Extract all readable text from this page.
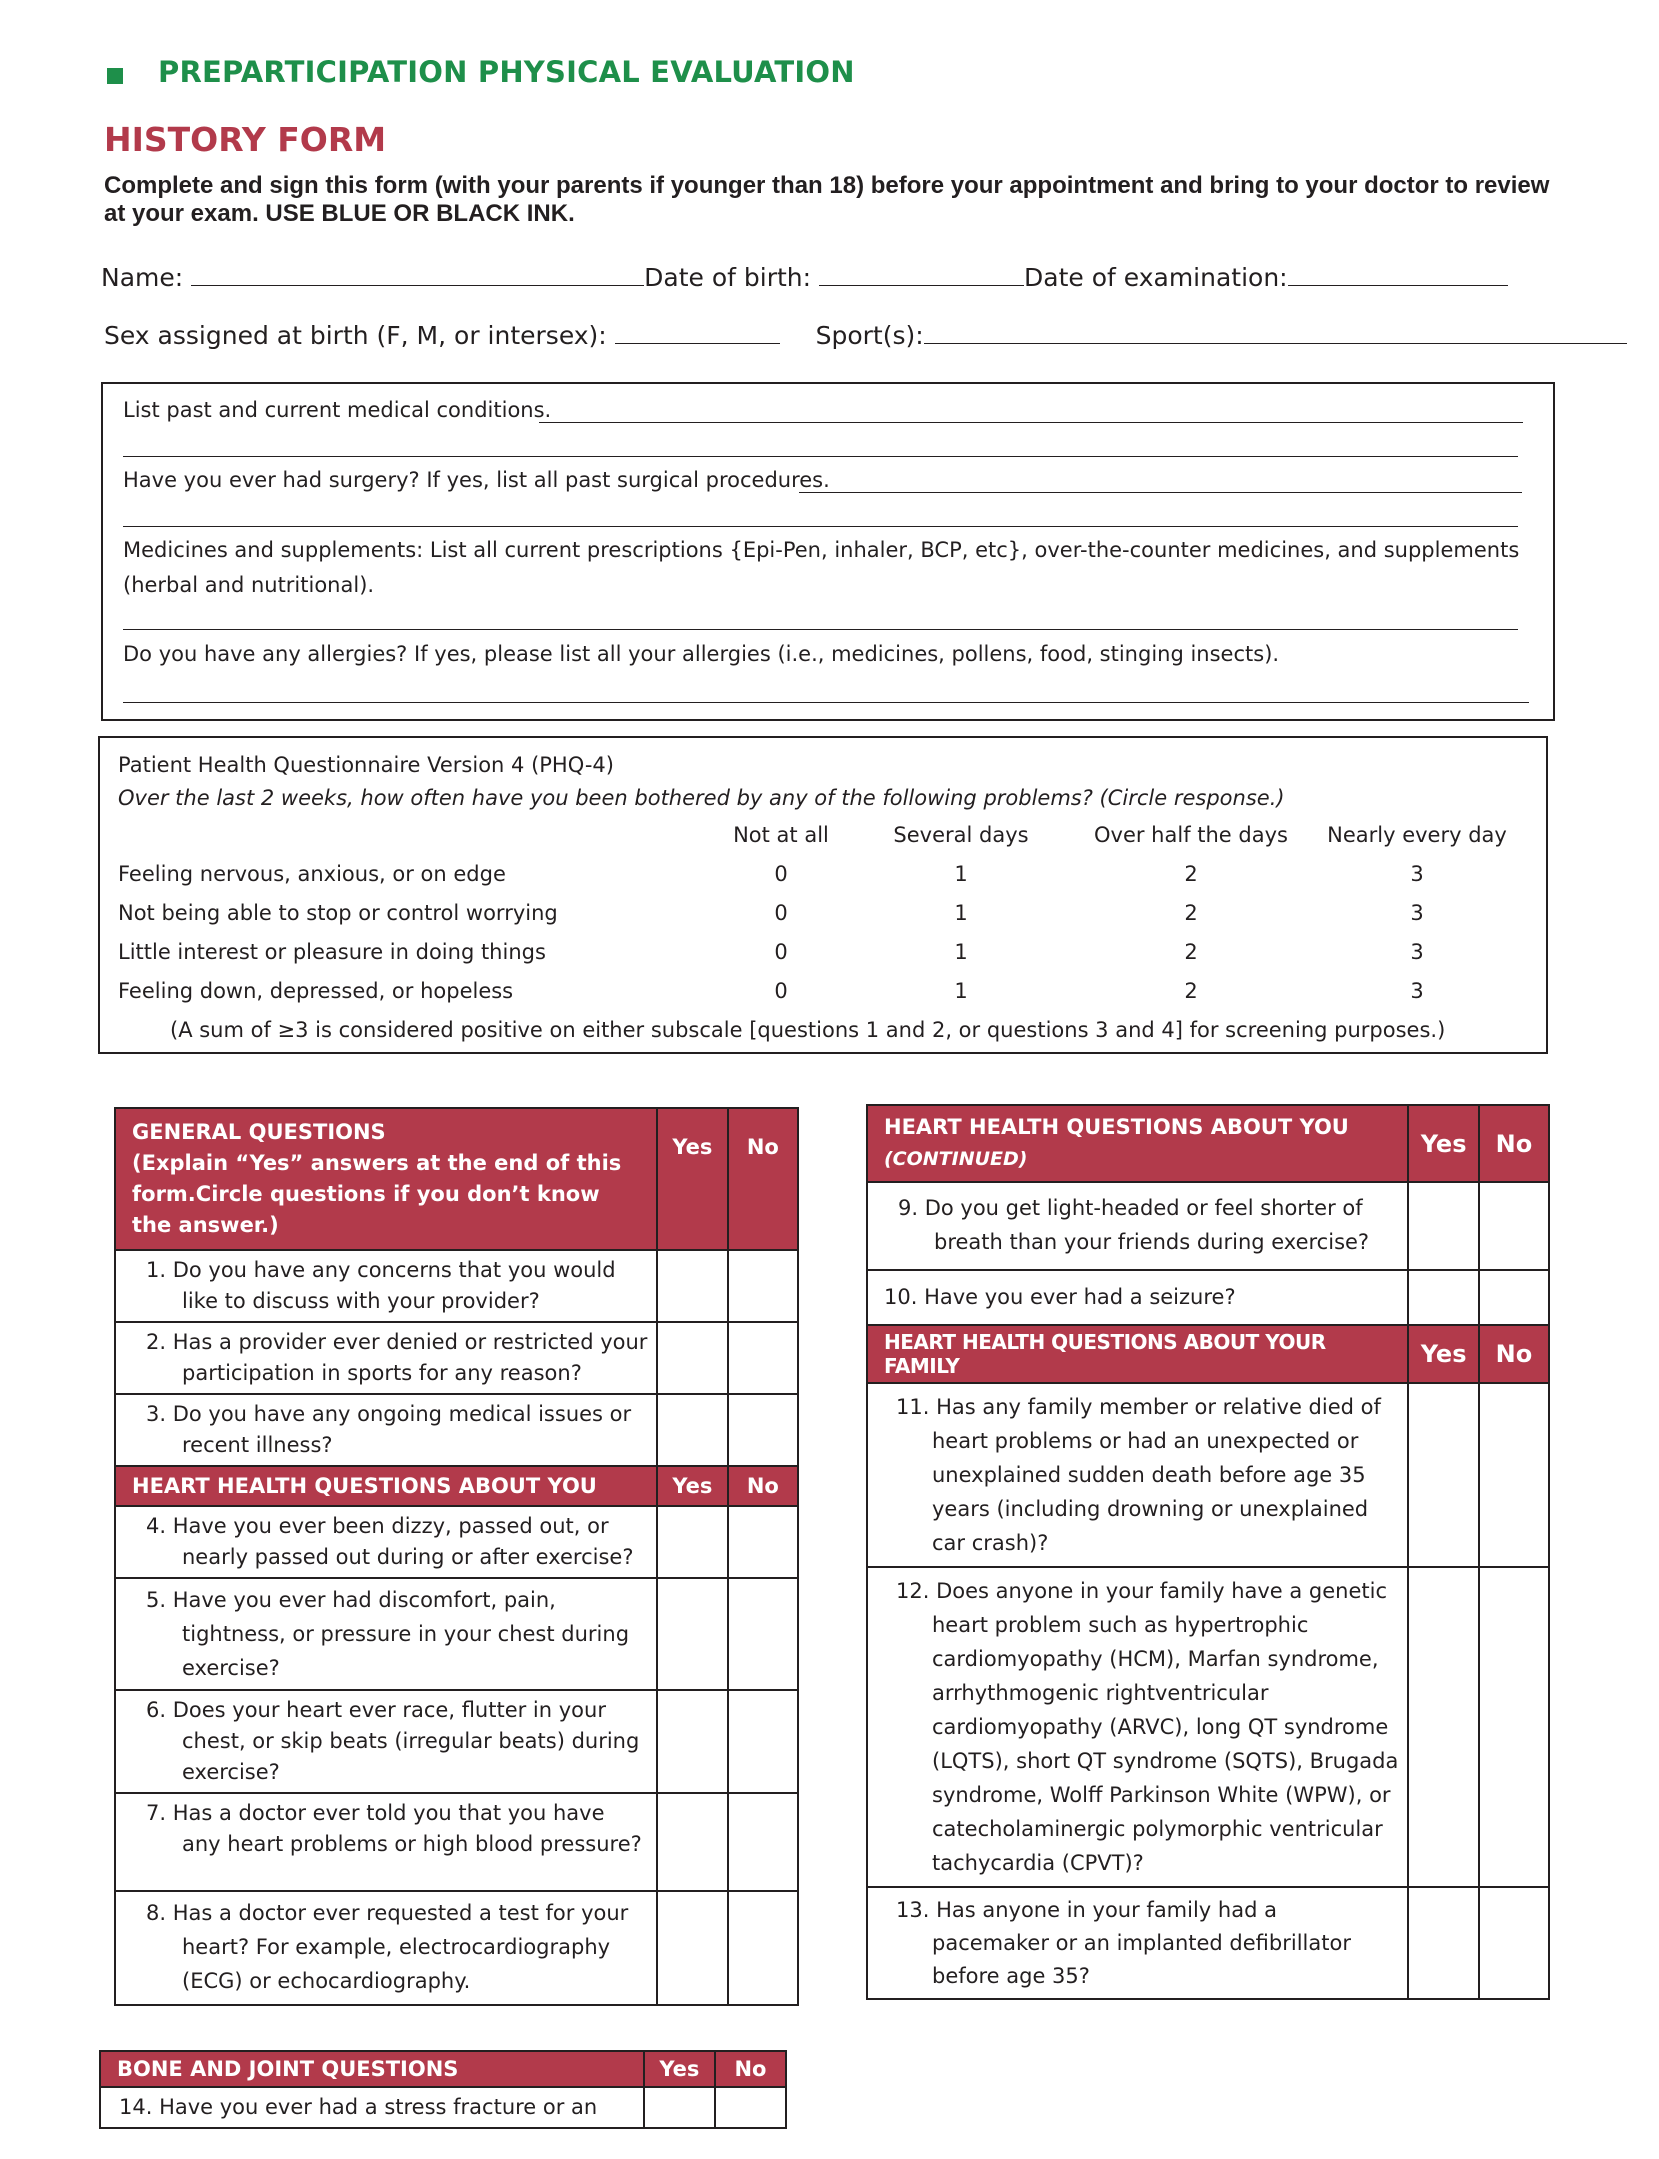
PREPARTICIPATION PHYSICAL EVALUATION
HISTORY FORM
Complete and sign this form (with your parents if younger than 18) before your appointment and bring to your doctor to review at your exam. USE BLUE OR BLACK INK.
Name:	Date of birth:	Date of examination:
Sex assigned at birth (F, M, or intersex):	Sport(s):
List past and current medical conditions.
Have you ever had surgery? If yes, list all past surgical procedures.
Medicines and supplements: List all current prescriptions {Epi-Pen, inhaler, BCP, etc}, over-the-counter medicines, and supplements
(herbal and nutritional).
Do you have any allergies? If yes, please list all your allergies (i.e., medicines, pollens, food, stinging insects).
Patient Health Questionnaire Version 4 (PHQ-4)
Over the last 2 weeks, how often have you been bothered by any of the following problems? (Circle response.)
Not at all	Several days	Over half the days	Nearly every day
Feeling nervous, anxious, or on edge	0	1	2	3
Not being able to stop or control worrying	0	1	2	3
Little interest or pleasure in doing things	0	1	2	3
Feeling down, depressed, or hopeless	0	1	2	3
(A sum of ≥3 is considered positive on either subscale [questions 1 and 2, or questions 3 and 4] for screening purposes.)
GENERAL QUESTIONS
(Explain “Yes” answers at the end of this form.Circle questions if you don’t know the answer.)	Yes	No

1. Do you have any concerns that you would like to discuss with your provider?		

2. Has a provider ever denied or restricted your participation in sports for any reason?		

3. Do you have any ongoing medical issues or recent illness?		

HEART HEALTH QUESTIONS ABOUT YOU	Yes	No

4. Have you ever been dizzy, passed out, or nearly passed out during or after exercise?		

5. Have you ever had discomfort, pain, tightness, or pressure in your chest during exercise?		

6. Does your heart ever race, flutter in your chest, or skip beats (irregular beats) during exercise?		

7. Has a doctor ever told you that you have any heart problems or high blood pressure?		

8. Has a doctor ever requested a test for your heart? For example, electrocardiography (ECG) or echocardiography.		

HEART HEALTH QUESTIONS ABOUT YOU
(CONTINUED)	Yes	No

9. Do you get light-headed or feel shorter of breath than your friends during exercise?		

10. Have you ever had a seizure?		
HEART HEALTH QUESTIONS ABOUT YOUR FAMILY	Yes	No

11. Has any family member or relative died of heart problems or had an unexpected or unexplained sudden death before age 35 years (including drowning or unexplained car crash)?		

12. Does anyone in your family have a genetic heart problem such as hypertrophic cardiomyopathy (HCM), Marfan syndrome, arrhythmogenic rightventricular cardiomyopathy (ARVC), long QT syndrome (LQTS), short QT syndrome (SQTS), Brugada syndrome, Wolff Parkinson White (WPW), or catecholaminergic polymorphic ventricular tachycardia (CPVT)?		

13. Has anyone in your family had a pacemaker or an implanted defibrillator before age 35?		

BONE AND JOINT QUESTIONS	Yes	No
14. Have you ever had a stress fracture or an		
